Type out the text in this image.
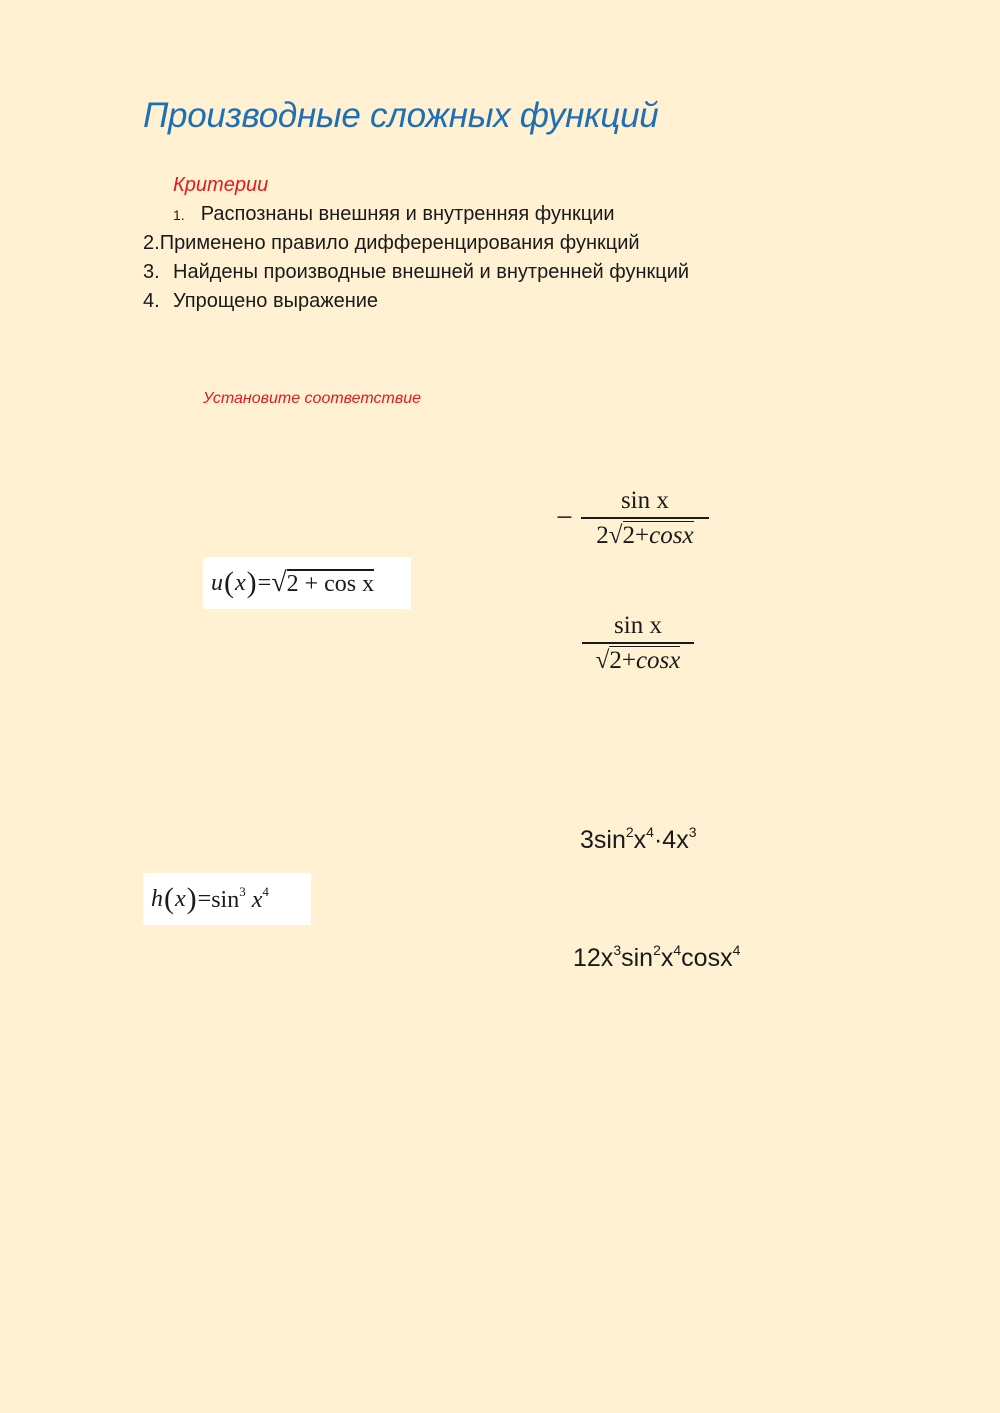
Производные сложных функций
Критерии
1. Распознаны внешняя и внутренняя функции
2.Применено правило дифференцирования функций
3. Найдены производные внешней и внутренней функций
4. Упрощено выражение
Установите соответствие
u ( x ) = √ 2 + cos x
h ( x ) = $\sin^3 x^4$
− $\frac{\text{sin x}}{2 √ 2+\cos x}$
$\frac{\text{sin x}}{√ 2+\cos x}$
$3\sin^2x^4\cdot 4x^3$
$12x^3\sin^2x^4\cos x^4$
